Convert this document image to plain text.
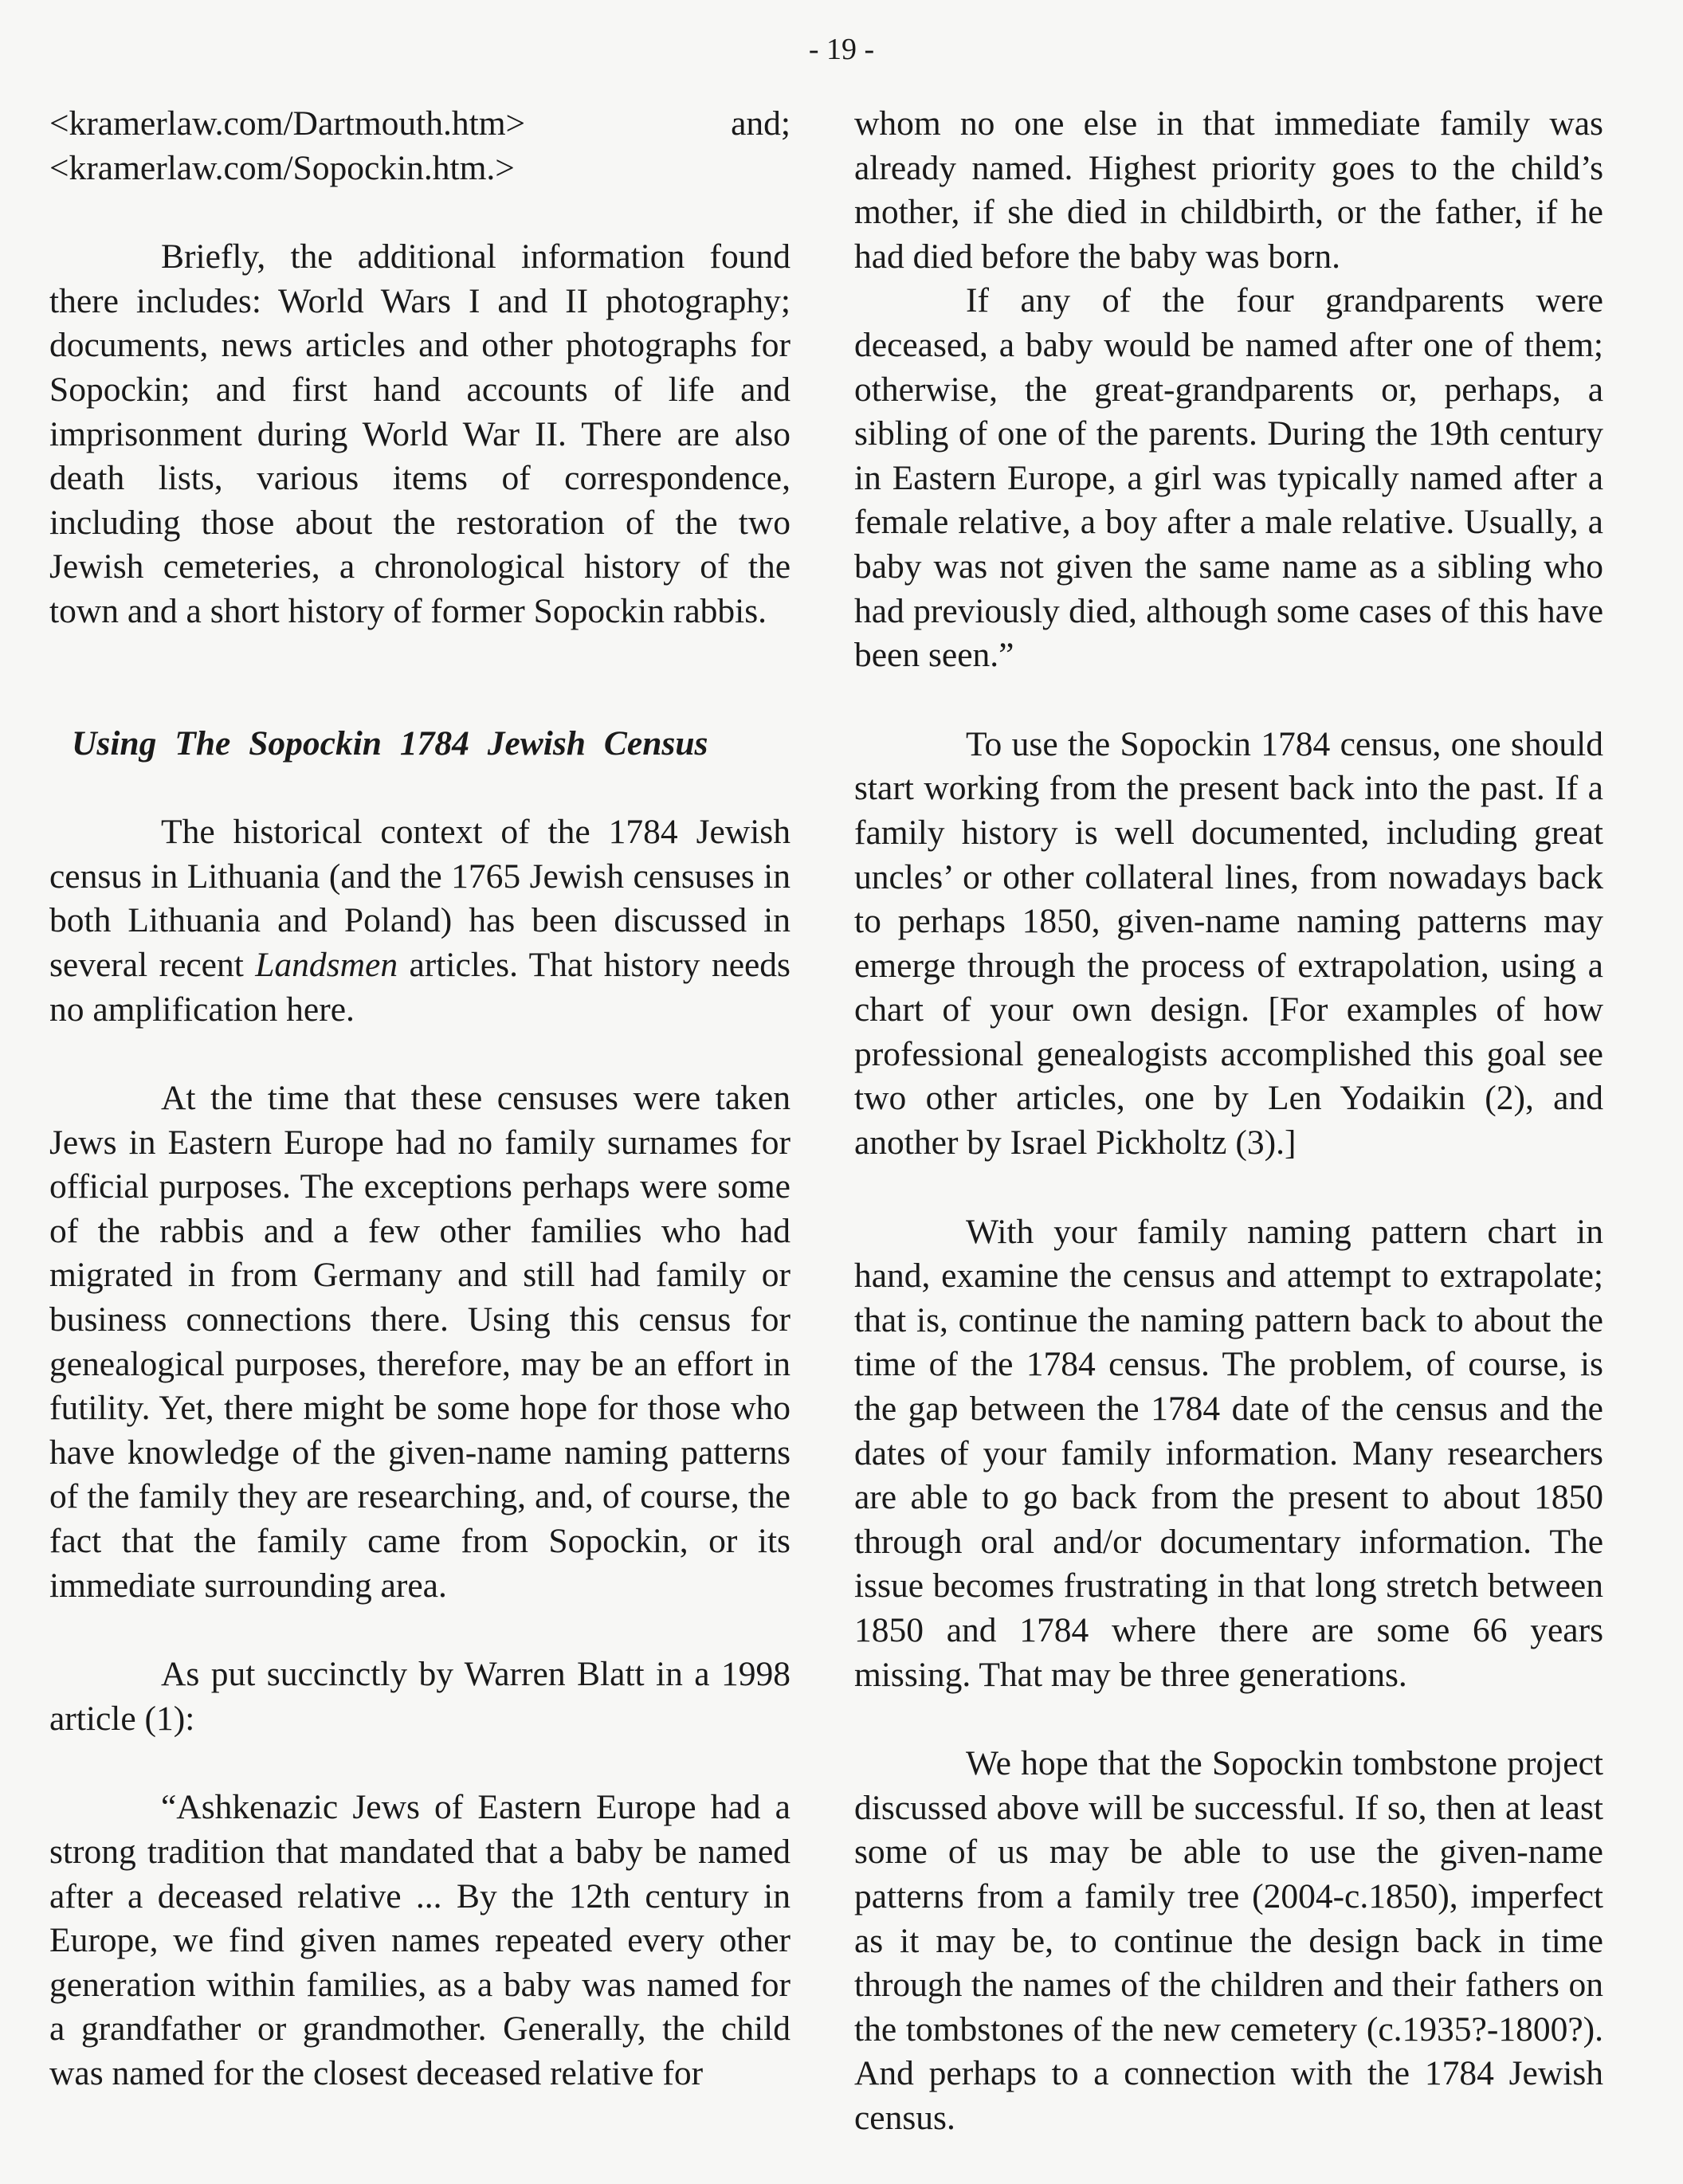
- 19 -
<kramerlaw.com/Dartmouth.htm>	and;

<kramerlaw.com/Sopockin.htm.>

Briefly, the additional information found there includes: World Wars I and II photography; documents, news articles and other photographs for Sopockin; and first hand accounts of life and imprisonment during World War II. There are also death lists, various items of correspondence, including those about the restoration of the two Jewish cemeteries, a chronological history of the town and a short history of former Sopockin rabbis.

Using The Sopockin 1784 Jewish Census

The historical context of the 1784 Jewish census in Lithuania (and the 1765 Jewish censuses in both Lithuania and Poland) has been discussed in several recent Landsmen articles. That history needs no amplification here.

At the time that these censuses were taken Jews in Eastern Europe had no family surnames for official purposes. The exceptions perhaps were some of the rabbis and a few other families who had migrated in from Germany and still had family or business connections there. Using this census for genealogical purposes, therefore, may be an effort in futility. Yet, there might be some hope for those who have knowledge of the given-name naming patterns of the family they are researching, and, of course, the fact that the family came from Sopockin, or its immediate surrounding area.

As put succinctly by Warren Blatt in a 1998 article (1):

“Ashkenazic Jews of Eastern Europe had a strong tradition that mandated that a baby be named after a deceased relative ... By the 12th century in Europe, we find given names repeated every other generation within families, as a baby was named for a grandfather or grandmother. Generally, the child was named for the closest deceased relative for

whom no one else in that immediate family was already named. Highest priority goes to the child’s mother, if she died in childbirth, or the father, if he had died before the baby was born.

If any of the four grandparents were deceased, a baby would be named after one of them; otherwise, the great-grandparents or, perhaps, a sibling of one of the parents. During the 19th century in Eastern Europe, a girl was typically named after a female relative, a boy after a male relative. Usually, a baby was not given the same name as a sibling who had previously died, although some cases of this have been seen.”

To use the Sopockin 1784 census, one should start working from the present back into the past. If a family history is well documented, including great uncles’ or other collateral lines, from nowadays back to perhaps 1850, given-name naming patterns may emerge through the process of extrapolation, using a chart of your own design. [For examples of how professional genealogists accomplished this goal see two other articles, one by Len Yodaikin (2), and another by Israel Pickholtz (3).]

With your family naming pattern chart in hand, examine the census and attempt to extrapolate; that is, continue the naming pattern back to about the time of the 1784 census. The problem, of course, is the gap between the 1784 date of the census and the dates of your family information. Many researchers are able to go back from the present to about 1850 through oral and/or documentary information. The issue becomes frustrating in that long stretch between 1850 and 1784 where there are some 66 years missing. That may be three generations.

We hope that the Sopockin tombstone project discussed above will be successful. If so, then at least some of us may be able to use the given-name patterns from a family tree (2004-c.1850), imperfect as it may be, to continue the design back in time through the names of the children and their fathers on the tombstones of the new cemetery (c.1935?-1800?). And perhaps to a connection with the 1784 Jewish census.
